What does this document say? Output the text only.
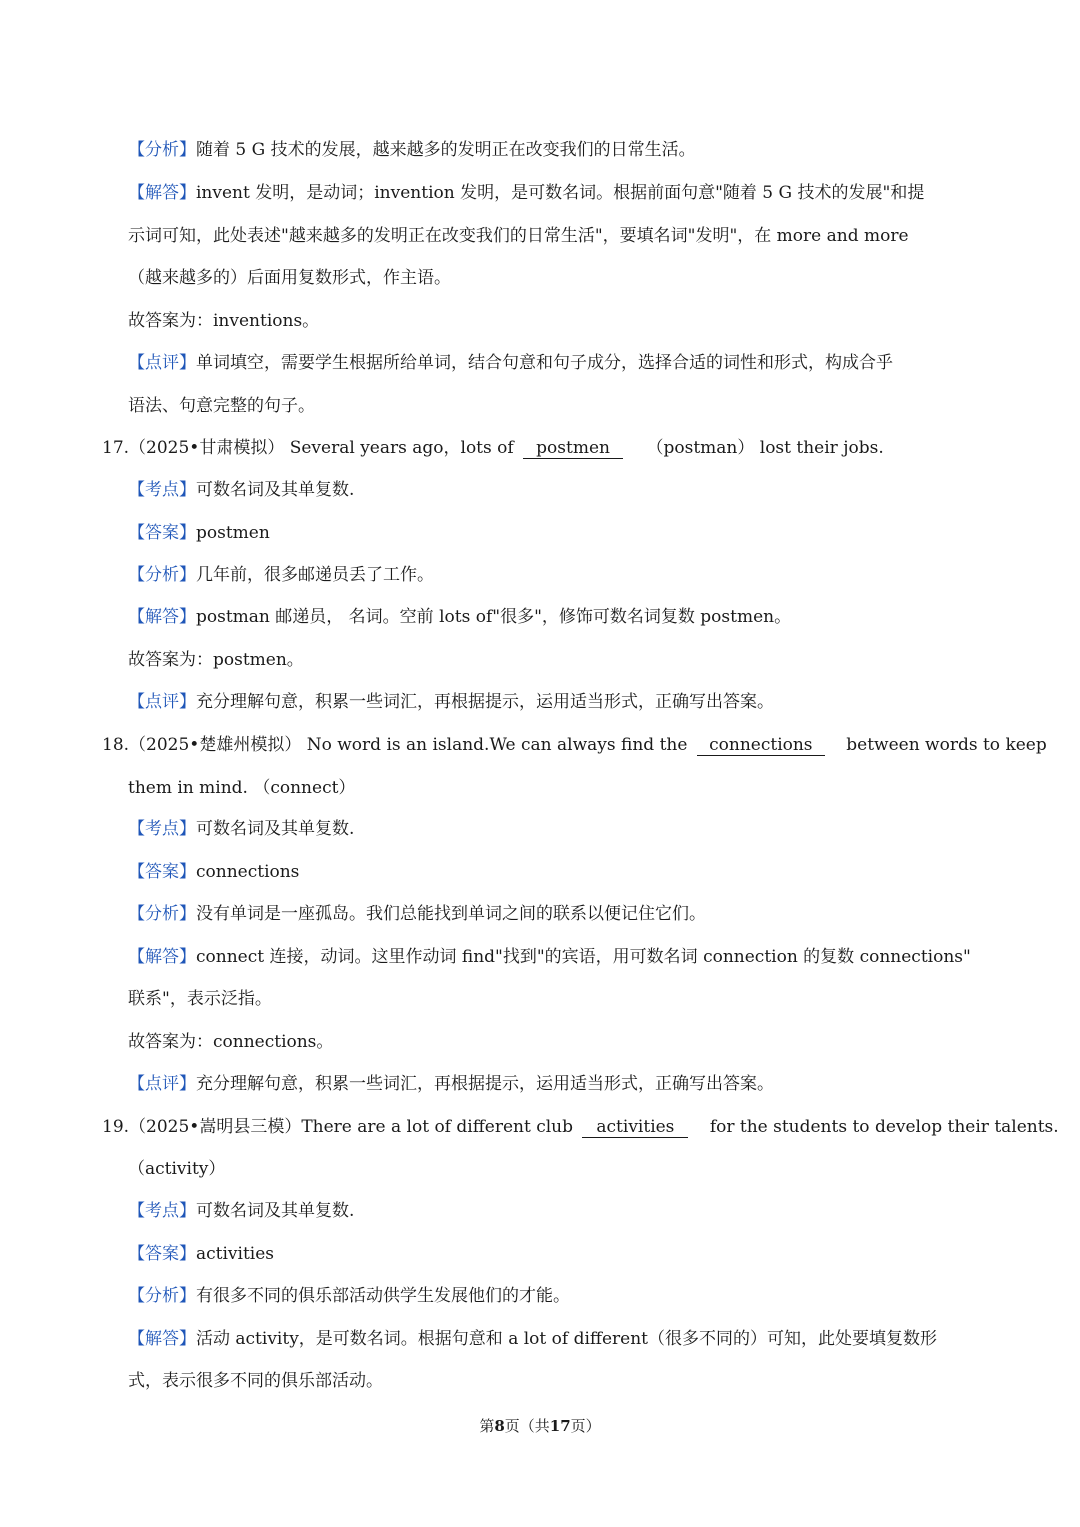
【分析】随着 5 G 技术的发展，越来越多的发明正在改变我们的日常生活。
【解答】invent 发明，是动词；invention 发明，是可数名词。根据前面句意"随着 5 G 技术的发展"和提
示词可知，此处表述"越来越多的发明正在改变我们的日常生活"，要填名词"发明"，在 more and more
（越来越多的）后面用复数形式，作主语。
故答案为：inventions。
【点评】单词填空，需要学生根据所给单词，结合句意和句子成分，选择合适的词性和形式，构成合乎
语法、句意完整的句子。
17.（2025•甘肃模拟） Several years ago，lots of postmen （postman） lost their jobs.
【考点】可数名词及其单复数.
【答案】postmen
【分析】几年前，很多邮递员丢了工作。
【解答】postman 邮递员， 名词。空前 lots of"很多"，修饰可数名词复数 postmen。
故答案为：postmen。
【点评】充分理解句意，积累一些词汇，再根据提示，运用适当形式，正确写出答案。
18.（2025•楚雄州模拟） No word is an island.We can always find the connections between words to keep
them in mind. （connect）
【考点】可数名词及其单复数.
【答案】connections
【分析】没有单词是一座孤岛。我们总能找到单词之间的联系以便记住它们。
【解答】connect 连接，动词。这里作动词 find"找到"的宾语，用可数名词 connection 的复数 connections"
联系"，表示泛指。
故答案为：connections。
【点评】充分理解句意，积累一些词汇，再根据提示，运用适当形式，正确写出答案。
19.（2025•嵩明县三模）There are a lot of different club activities for the students to develop their talents.
（activity）
【考点】可数名词及其单复数.
【答案】activities
【分析】有很多不同的俱乐部活动供学生发展他们的才能。
【解答】活动 activity，是可数名词。根据句意和 a lot of different（很多不同的）可知，此处要填复数形
式，表示很多不同的俱乐部活动。
第8页（共17页）
